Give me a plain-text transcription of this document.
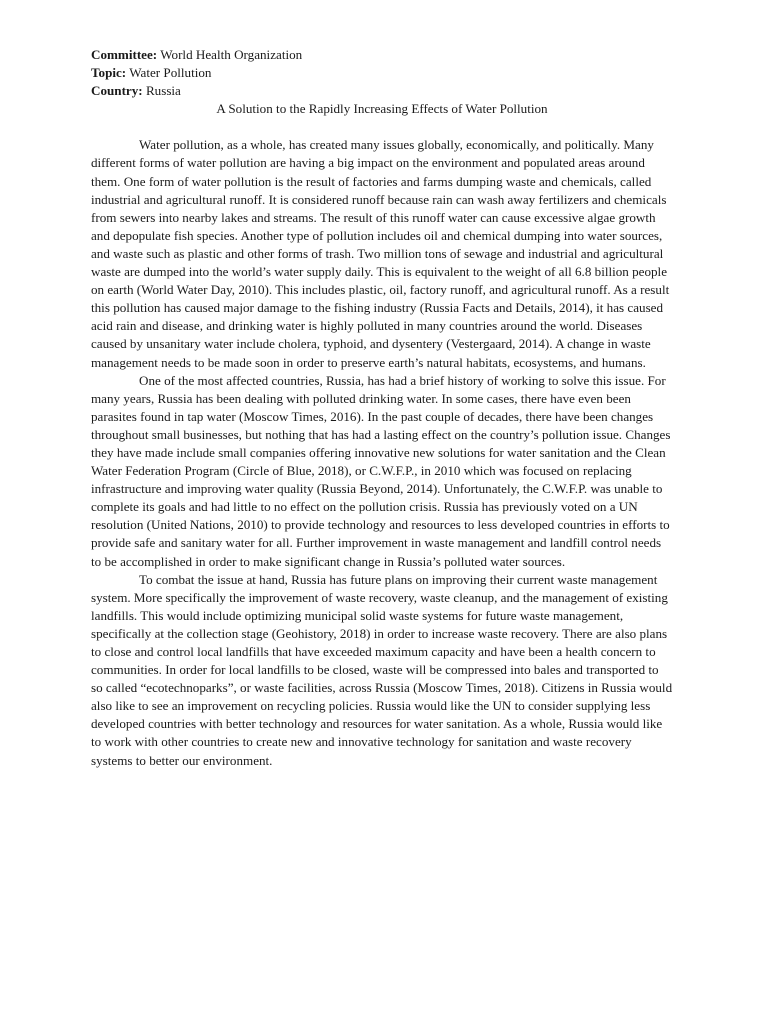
Committee: World Health Organization

Topic: Water Pollution

Country: Russia

A Solution to the Rapidly Increasing Effects of Water Pollution

Water pollution, as a whole, has created many issues globally, economically, and politically. Many different forms of water pollution are having a big impact on the environment and populated areas around them. One form of water pollution is the result of factories and farms dumping waste and chemicals, called industrial and agricultural runoff. It is considered runoff because rain can wash away fertilizers and chemicals from sewers into nearby lakes and streams. The result of this runoff water can cause excessive algae growth and depopulate fish species. Another type of pollution includes oil and chemical dumping into water sources, and waste such as plastic and other forms of trash. Two million tons of sewage and industrial and agricultural waste are dumped into the world’s water supply daily. This is equivalent to the weight of all 6.8 billion people on earth (World Water Day, 2010). This includes plastic, oil, factory runoff, and agricultural runoff. As a result this pollution has caused major damage to the fishing industry (Russia Facts and Details, 2014), it has caused acid rain and disease, and drinking water is highly polluted in many countries around the world. Diseases caused by unsanitary water include cholera, typhoid, and dysentery (Vestergaard, 2014). A change in waste management needs to be made soon in order to preserve earth’s natural habitats, ecosystems, and humans.

One of the most affected countries, Russia, has had a brief history of working to solve this issue. For many years, Russia has been dealing with polluted drinking water. In some cases, there have even been parasites found in tap water (Moscow Times, 2016). In the past couple of decades, there have been changes throughout small businesses, but nothing that has had a lasting effect on the country’s pollution issue. Changes they have made include small companies offering innovative new solutions for water sanitation and the Clean Water Federation Program (Circle of Blue, 2018), or C.W.F.P., in 2010 which was focused on replacing infrastructure and improving water quality (Russia Beyond, 2014). Unfortunately, the C.W.F.P. was unable to complete its goals and had little to no effect on the pollution crisis. Russia has previously voted on a UN resolution (United Nations, 2010) to provide technology and resources to less developed countries in efforts to provide safe and sanitary water for all. Further improvement in waste management and landfill control needs to be accomplished in order to make significant change in Russia’s polluted water sources.

To combat the issue at hand, Russia has future plans on improving their current waste management system. More specifically the improvement of waste recovery, waste cleanup, and the management of existing landfills. This would include optimizing municipal solid waste systems for future waste management, specifically at the collection stage (Geohistory, 2018) in order to increase waste recovery. There are also plans to close and control local landfills that have exceeded maximum capacity and have been a health concern to communities. In order for local landfills to be closed, waste will be compressed into bales and transported to so called “ecotechnoparks”, or waste facilities, across Russia (Moscow Times, 2018). Citizens in Russia would also like to see an improvement on recycling policies. Russia would like the UN to consider supplying less developed countries with better technology and resources for water sanitation. As a whole, Russia would like to work with other countries to create new and innovative technology for sanitation and waste recovery systems to better our environment.
